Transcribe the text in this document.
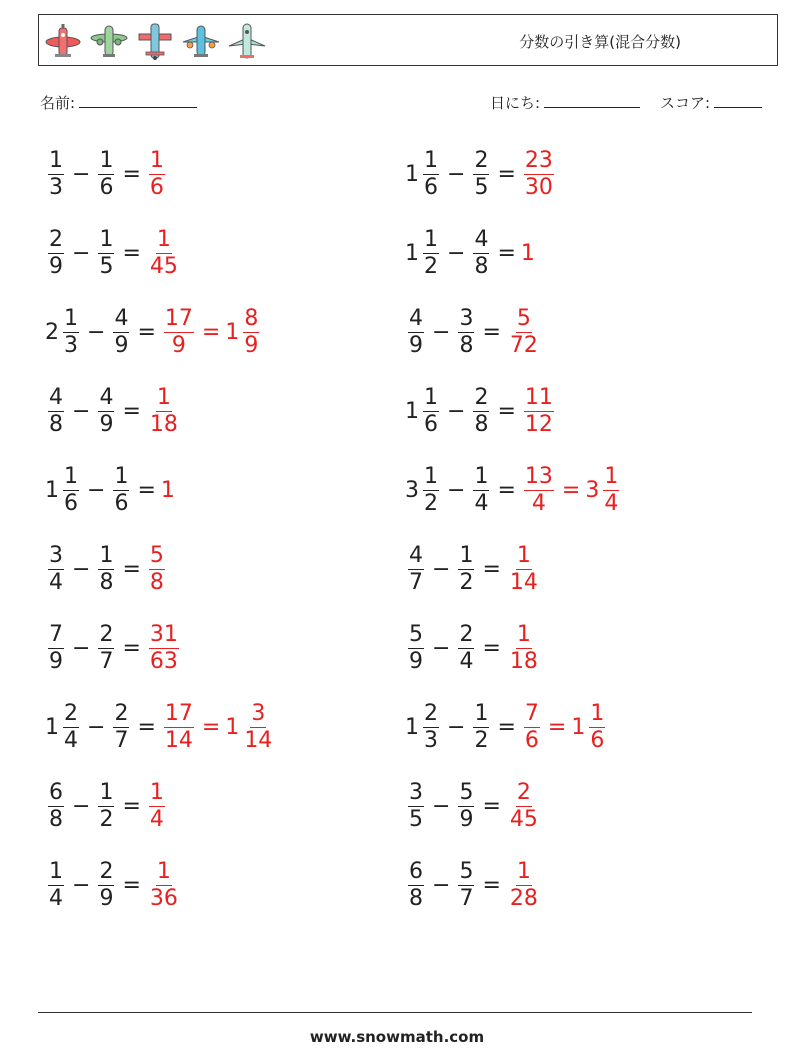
分数の引き算(混合分数)
名前:	日にち:	スコア:
$\frac{1}{3} - \frac{1}{6} = \frac{1}{6}$
$\frac{2}{9} - \frac{1}{5} = \frac{1}{45}$
$2 \frac{1}{3} - \frac{4}{9} = \frac{17}{9} = 1 \frac{8}{9}$
$\frac{4}{8} - \frac{4}{9} = \frac{1}{18}$
$1 \frac{1}{6} - \frac{1}{6} = 1$
$\frac{3}{4} - \frac{1}{8} = \frac{5}{8}$
$\frac{7}{9} - \frac{2}{7} = \frac{31}{63}$
$1 \frac{2}{4} - \frac{2}{7} = \frac{17}{14} = 1 \frac{3}{14}$
$\frac{6}{8} - \frac{1}{2} = \frac{1}{4}$
$\frac{1}{4} - \frac{2}{9} = \frac{1}{36}$
$1 \frac{1}{6} - \frac{2}{5} = \frac{23}{30}$
$1 \frac{1}{2} - \frac{4}{8} = 1$
$\frac{4}{9} - \frac{3}{8} = \frac{5}{72}$
$1 \frac{1}{6} - \frac{2}{8} = \frac{11}{12}$
$3 \frac{1}{2} - \frac{1}{4} = \frac{13}{4} = 3 \frac{1}{4}$
$\frac{4}{7} - \frac{1}{2} = \frac{1}{14}$
$\frac{5}{9} - \frac{2}{4} = \frac{1}{18}$
$1 \frac{2}{3} - \frac{1}{2} = \frac{7}{6} = 1 \frac{1}{6}$
$\frac{3}{5} - \frac{5}{9} = \frac{2}{45}$
$\frac{6}{8} - \frac{5}{7} = \frac{1}{28}$
www.snowmath.com
